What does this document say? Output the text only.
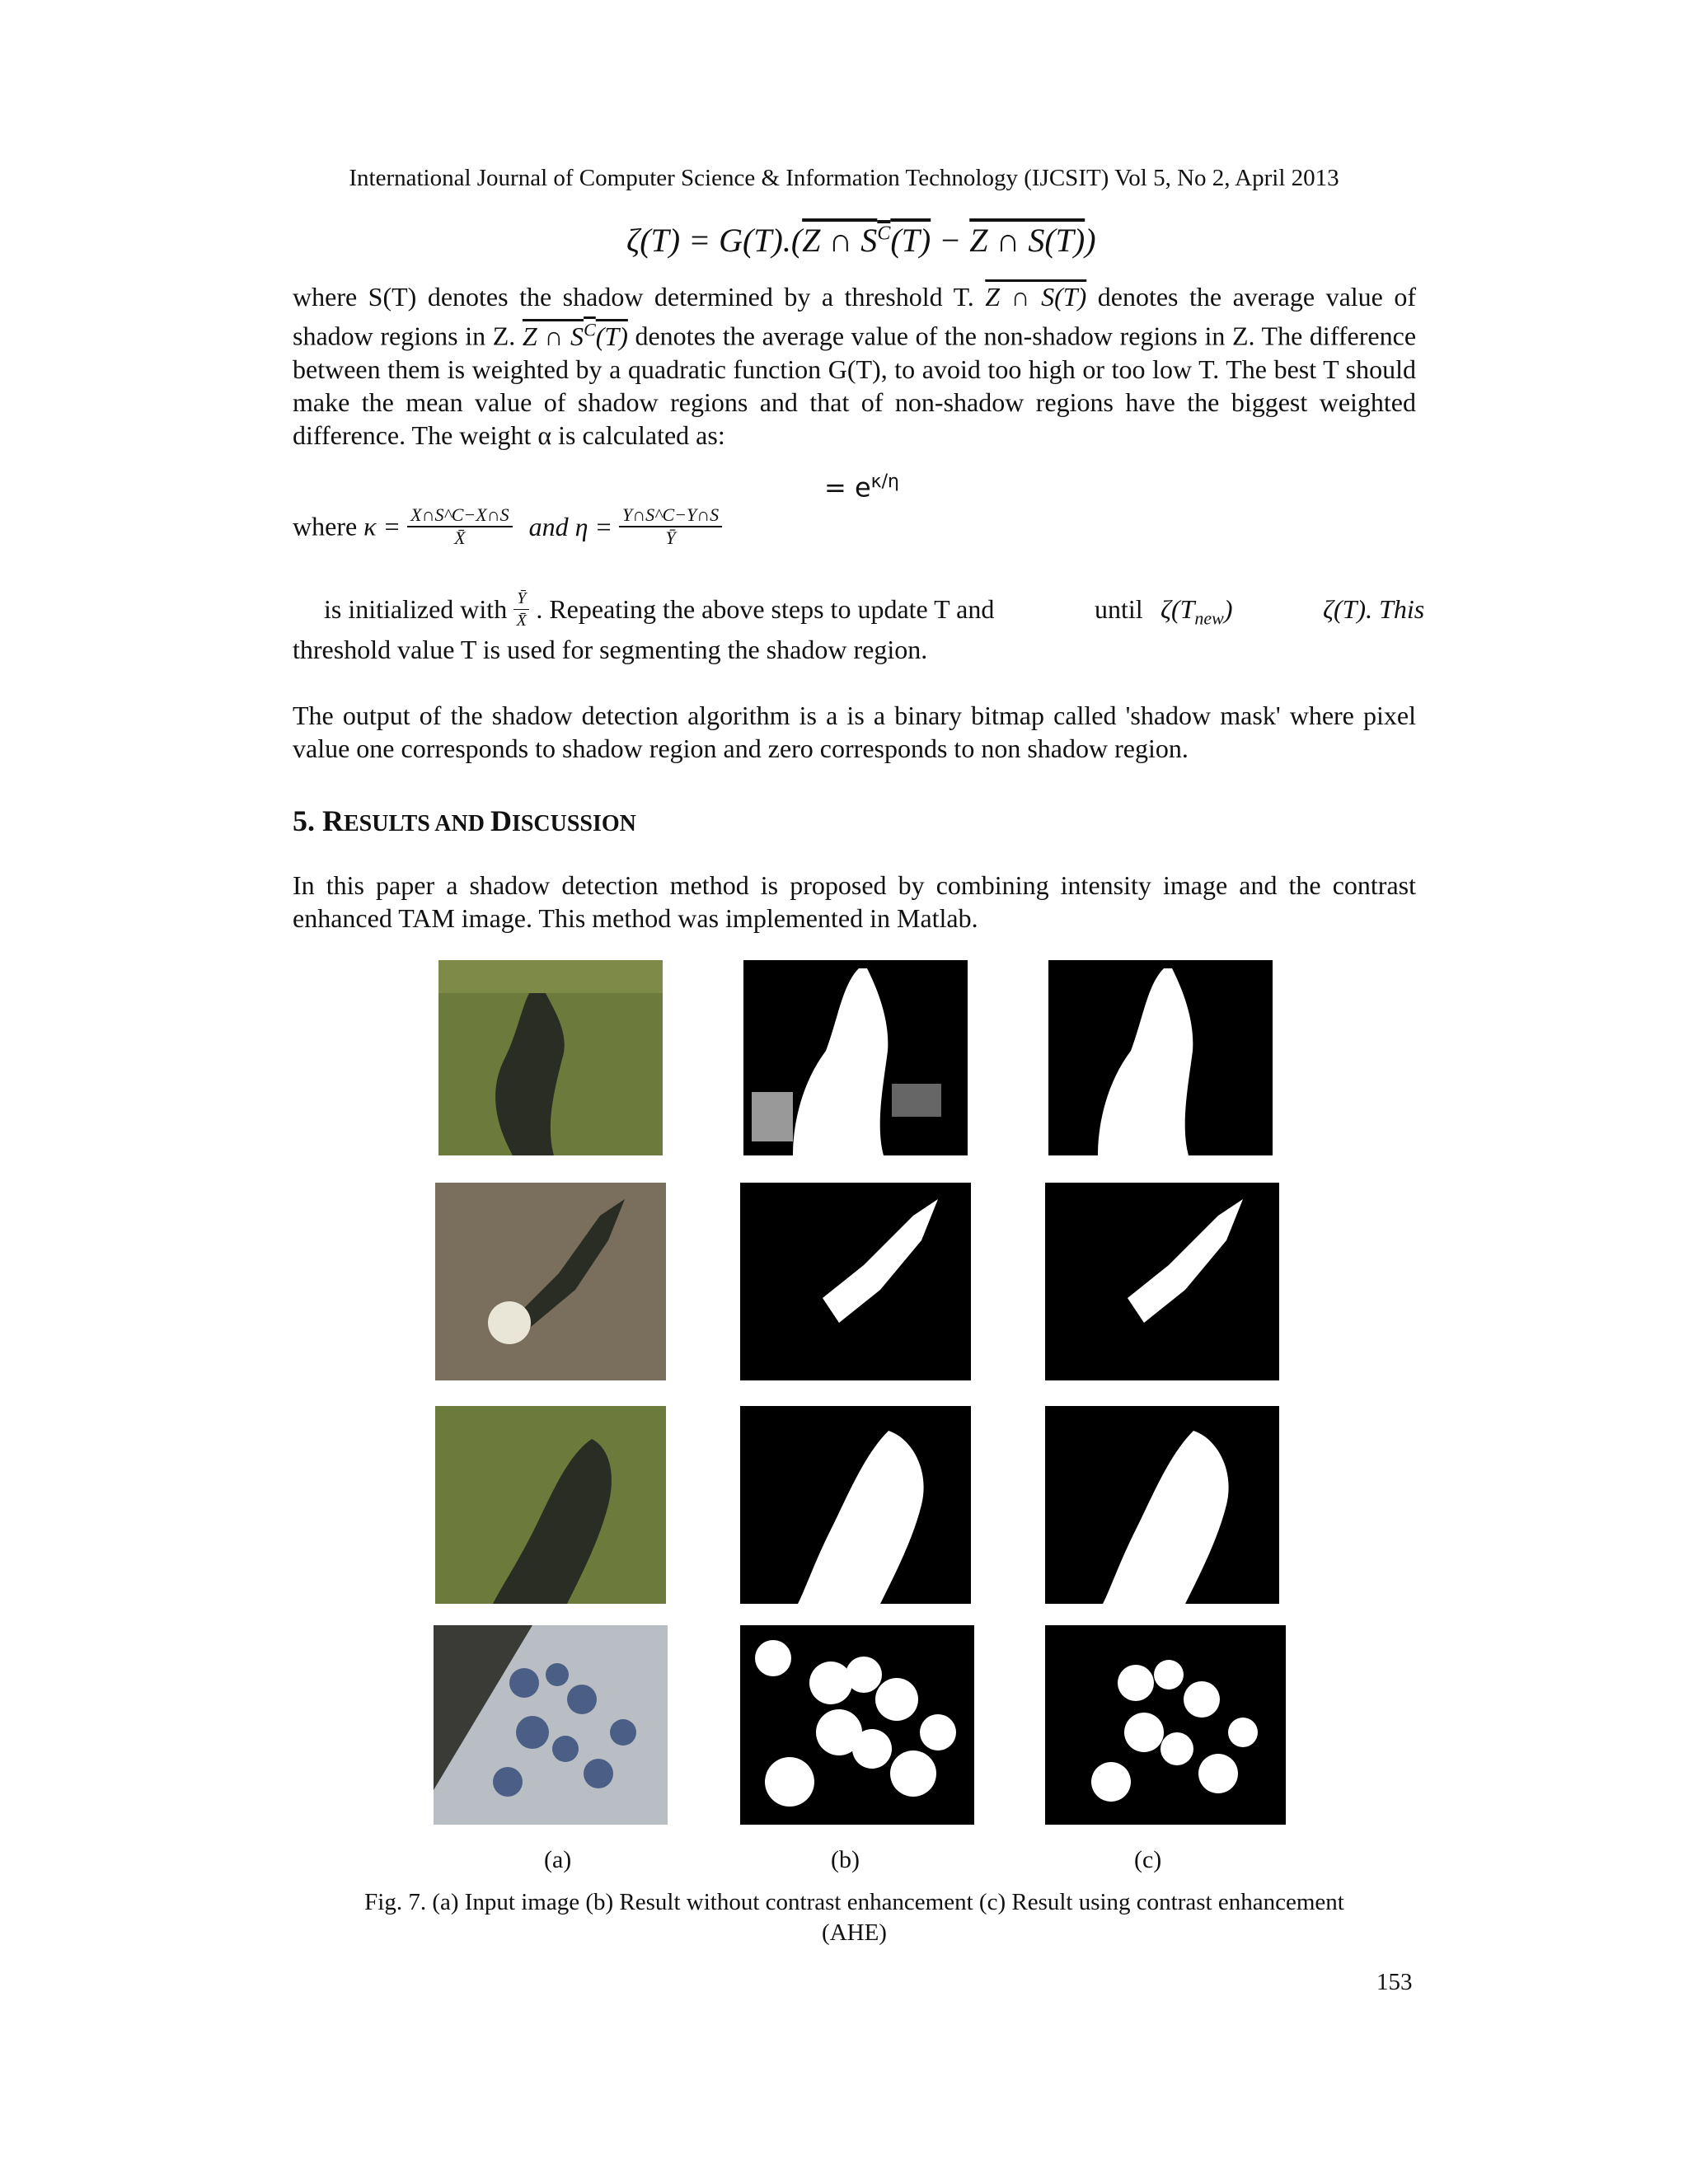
International Journal of Computer Science & Information Technology (IJCSIT) Vol 5, No 2, April 2013
ζ(T) = G(T).(Z ∩ $S^C(T) - Z$ ∩ S(T))
where S(T) denotes the shadow determined by a threshold T. Z ∩ S(T) denotes the average value of shadow regions in Z. Z ∩ $S^C(T)$ denotes the average value of the non-shadow regions in Z. The difference between them is weighted by a quadratic function G(T), to avoid too high or too low T. The best T should make the mean value of shadow regions and that of non-shadow regions have the biggest weighted difference. The weight α is calculated as:
= $e^{\kappa/\eta}$
where $\kappa = \frac{X\cap S\^{}C-X\cap S}{X̄}$ and $\eta = \frac{Y\cap S\^{}C-Y\cap S}{Ȳ}$
is initialized with $\frac{Ȳ}{X̄}$ . Repeating the above steps to update T and	until $\zeta(T_{new})$	ζ(T). This
threshold value T is used for segmenting the shadow region.
The output of the shadow detection algorithm is a is a binary bitmap called 'shadow mask' where pixel value one corresponds to shadow region and zero corresponds to non shadow region.
5. RESULTS AND DISCUSSION
In this paper a shadow detection method is proposed by combining intensity image and the contrast enhanced TAM image. This method was implemented in Matlab.
(a)	(b)	(c)
Fig. 7. (a) Input image (b) Result without contrast enhancement (c) Result using contrast enhancement
(AHE)
153
